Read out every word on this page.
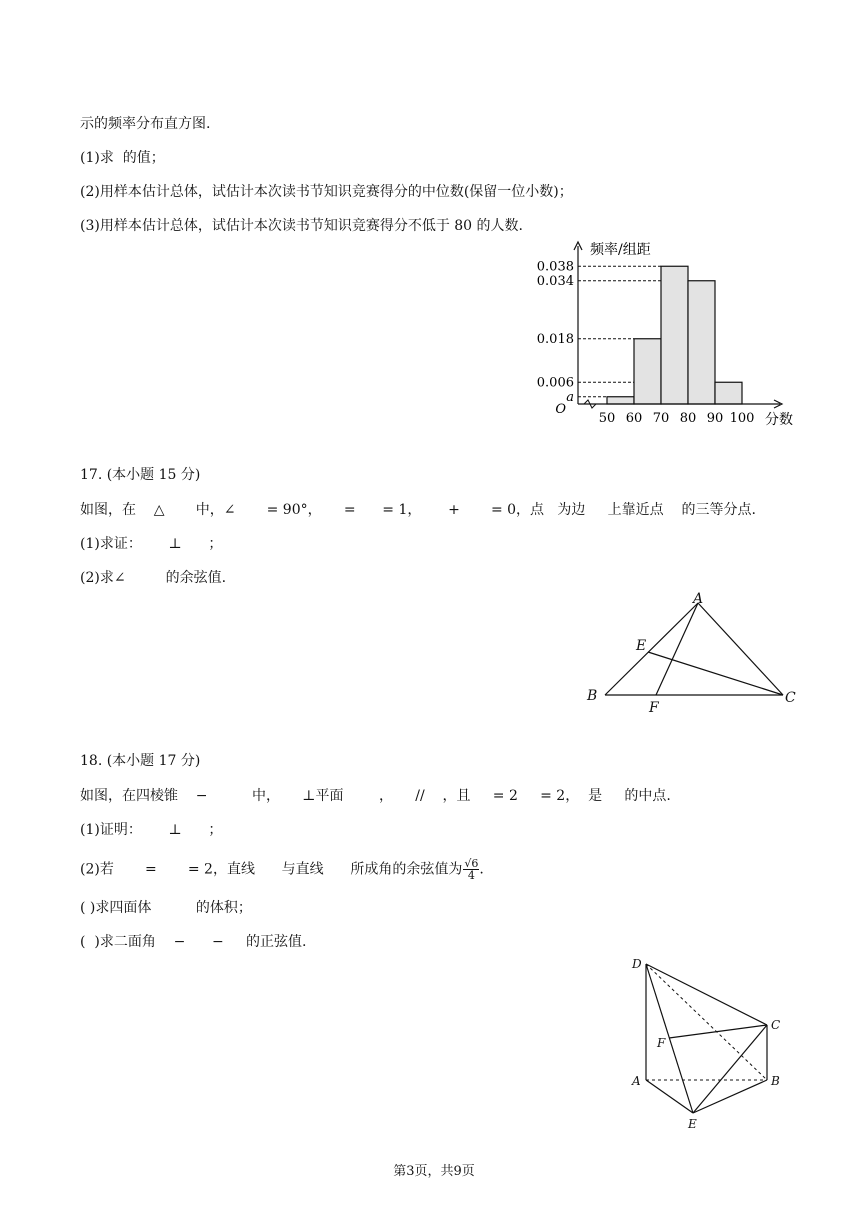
示的频率分布直方图.
(1)求  的值；
(2)用样本估计总体，试估计本次读书节知识竞赛得分的中位数(保留一位小数)；
(3)用样本估计总体，试估计本次读书节知识竞赛得分不低于 80 的人数.
a
0.006
0.018
0.034
0.038
50 60 70 80 90 100
O
频率/组距
分数
17. (本小题 15 分)
如图，在    △       中，∠       = 90°，     =      = 1，      +       = 0，点   为边     上靠近点    的三等分点.
(1)求证：      ⊥      ；
(2)求∠         的余弦值.
A
B	C
E
F
18. (本小题 17 分)
如图，在四棱锥    −          中，     ⊥平面        ，     //    ，且     = 2     = 2，  是     的中点.
(1)证明：      ⊥      ；
(2)若       =       = 2，直线      与直线      所成角的余弦值为 $\frac{√6}{4}$ .
( )求四面体          的体积；
(  )求二面角    −      −     的正弦值.
D
A
C
B
E
F
第3页，共9页
